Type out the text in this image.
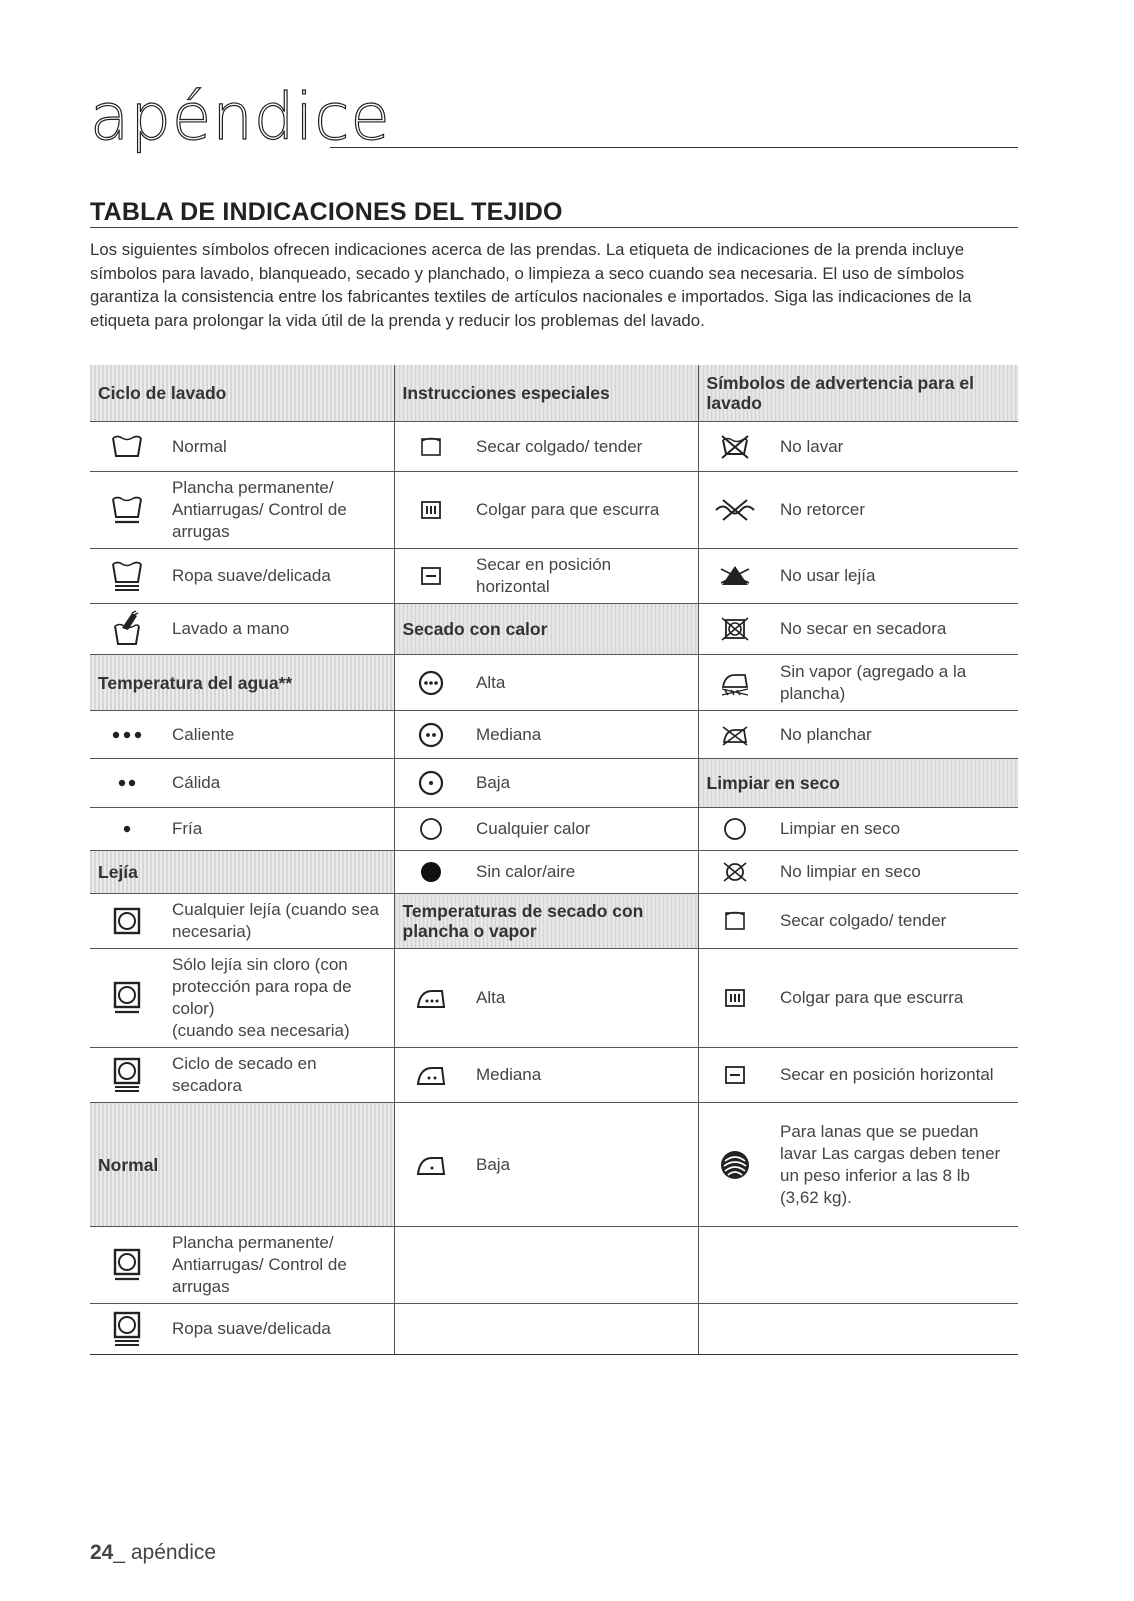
apéndice
TABLA DE INDICACIONES DEL TEJIDO

Los siguientes símbolos ofrecen indicaciones acerca de las prendas. La etiqueta de indicaciones de la prenda incluye símbolos para lavado, blanqueado, secado y planchado, o limpieza a seco cuando sea necesaria. El uso de símbolos garantiza la consistencia entre los fabricantes textiles de artículos nacionales e importados. Siga las indicaciones de la etiqueta para prolongar la vida útil de la prenda y reducir los problemas del lavado.

Ciclo de lavado		Instrucciones especiales		Símbolos de advertencia para el lavado	

	Normal		Secar colgado/ tender		No lavar

	Plancha permanente/ Antiarrugas/ Control de arrugas		Colgar para que escurra		No retorcer

	Ropa suave/delicada		Secar en posición horizontal		No usar lejía

	Lavado a mano	Secado con calor			No secar en secadora
Temperatura del agua**			Alta		Sin vapor (agregado a la plancha)

	Caliente		Mediana		No planchar

	Cálida		Baja	Limpiar en seco	

	Fría		Cualquier calor		Limpiar en seco
Lejía			Sin calor/aire		No limpiar en seco

	Cualquier lejía (cuando sea necesaria)	Temperaturas de secado con plancha o vapor			Secar colgado/ tender

	Sólo lejía sin cloro (con protección para ropa de color)
(cuando sea necesaria)		Alta		Colgar para que escurra

	Ciclo de secado en secadora		Mediana		Secar en posición horizontal
Normal			Baja		Para lanas que se puedan lavar Las cargas deben tener un peso inferior a las 8 lb (3,62 kg).

	Plancha permanente/ Antiarrugas/ Control de arrugas				

	Ropa suave/delicada				
24_ apéndice
